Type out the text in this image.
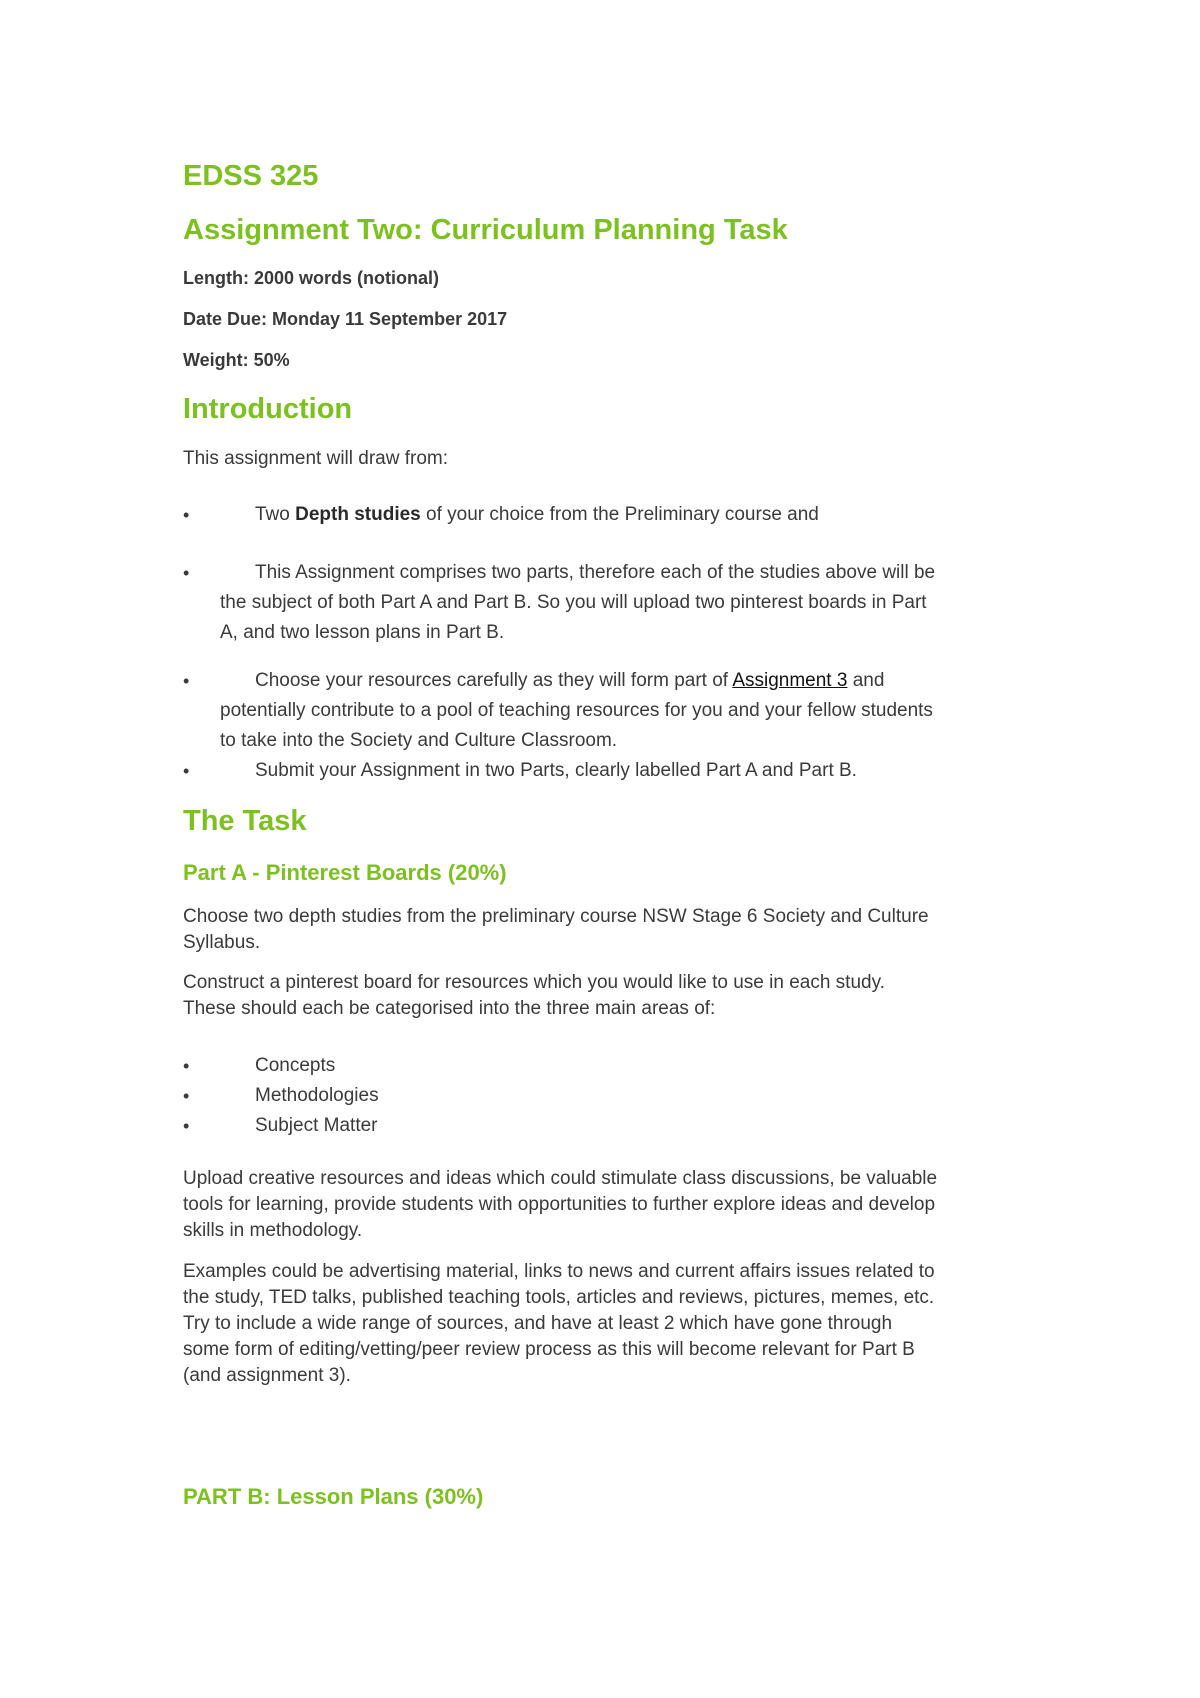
EDSS 325
Assignment Two: Curriculum Planning Task

Length: 2000 words (notional)

Date Due: Monday 11 September 2017

Weight: 50%

Introduction

This assignment will draw from:

•	Two Depth studies of your choice from the Preliminary course and
•	This Assignment comprises two parts, therefore each of the studies above will be
the subject of both Part A and Part B. So you will upload two pinterest boards in Part
A, and two lesson plans in Part B.
•	Choose your resources carefully as they will form part of Assignment 3 and
potentially contribute to a pool of teaching resources for you and your fellow students
to take into the Society and Culture Classroom.
•	Submit your Assignment in two Parts, clearly labelled Part A and Part B.
The Task
Part A - Pinterest Boards (20%)
Choose two depth studies from the preliminary course NSW Stage 6 Society and Culture
Syllabus.
Construct a pinterest board for resources which you would like to use in each study.
These should each be categorised into the three main areas of:
•	Concepts
•	Methodologies
•	Subject Matter
Upload creative resources and ideas which could stimulate class discussions, be valuable
tools for learning, provide students with opportunities to further explore ideas and develop
skills in methodology.
Examples could be advertising material, links to news and current affairs issues related to
the study, TED talks, published teaching tools, articles and reviews, pictures, memes, etc.
Try to include a wide range of sources, and have at least 2 which have gone through
some form of editing/vetting/peer review process as this will become relevant for Part B
(and assignment 3).
PART B: Lesson Plans (30%)
